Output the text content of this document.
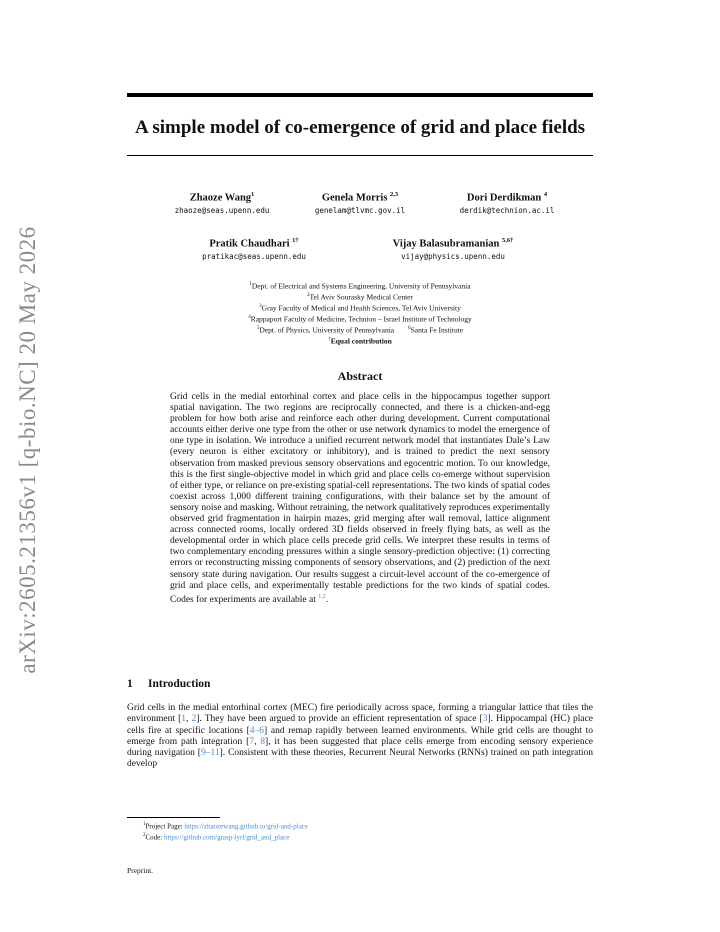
arXiv:2605.21356v1 [q-bio.NC] 20 May 2026
A simple model of co-emergence of grid and place fields
Zhaoze Wang$^1$
zhaoze@seas.upenn.edu
Genela Morris $^{2,3}$
genelam@tlvmc.gov.il
Dori Derdikman $^4$
derdik@technion.ac.il
Pratik Chaudhari $^{1\dagger}$
pratikac@seas.upenn.edu
Vijay Balasubramanian $^{5,6\dagger}$
vijay@physics.upenn.edu
$^1$Dept. of Electrical and Systems Engineering, University of Pennsylvania
$^2$Tel Aviv Sourasky Medical Center
$^3$Gray Faculty of Medical and Health Sciences, Tel Aviv University
$^4$Rappaport Faculty of Medicine, Technion – Israel Institute of Technology
$^5$Dept. of Physics, University of Pennsylvania	$^6$Santa Fe Institute
†Equal contribution
Abstract

Grid cells in the medial entorhinal cortex and place cells in the hippocampus together support spatial navigation. The two regions are reciprocally connected, and there is a chicken-and-egg problem for how both arise and reinforce each other during development. Current computational accounts either derive one type from the other or use network dynamics to model the emergence of one type in isolation. We introduce a unified recurrent network model that instantiates Dale’s Law (every neuron is either excitatory or inhibitory), and is trained to predict the next sensory observation from masked previous sensory observations and egocentric motion. To our knowledge, this is the first single-objective model in which grid and place cells co-emerge without supervision of either type, or reliance on pre-existing spatial-cell representations. The two kinds of spatial codes coexist across 1,000 different training configurations, with their balance set by the amount of sensory noise and masking. Without retraining, the network qualitatively reproduces experimentally observed grid fragmentation in hairpin mazes, grid merging after wall removal, lattice alignment across connected rooms, locally ordered 3D fields observed in freely flying bats, as well as the developmental order in which place cells precede grid cells. We interpret these results in terms of two complementary encoding pressures within a single sensory-prediction objective: (1) correcting errors or reconstructing missing components of sensory observations, and (2) prediction of the next sensory state during navigation. Our results suggest a circuit-level account of the co-emergence of grid and place cells, and experimentally testable predictions for the two kinds of spatial codes. Codes for experiments are available at $^{1,2}$.

1 Introduction

Grid cells in the medial entorhinal cortex (MEC) fire periodically across space, forming a triangular lattice that tiles the environment [1, 2]. They have been argued to provide an efficient representation of space [3]. Hippocampal (HC) place cells fire at specific locations [4–6] and remap rapidly between learned environments. While grid cells are thought to emerge from path integration [7, 8], it has been suggested that place cells emerge from encoding sensory experience during navigation [9–11]. Consistent with these theories, Recurrent Neural Networks (RNNs) trained on path integration develop

$^1$Project Page: https://zhaozewang.github.io/grid-and-place
$^2$Code: https://github.com/grasp-lyrl/grid_and_place
Preprint.
